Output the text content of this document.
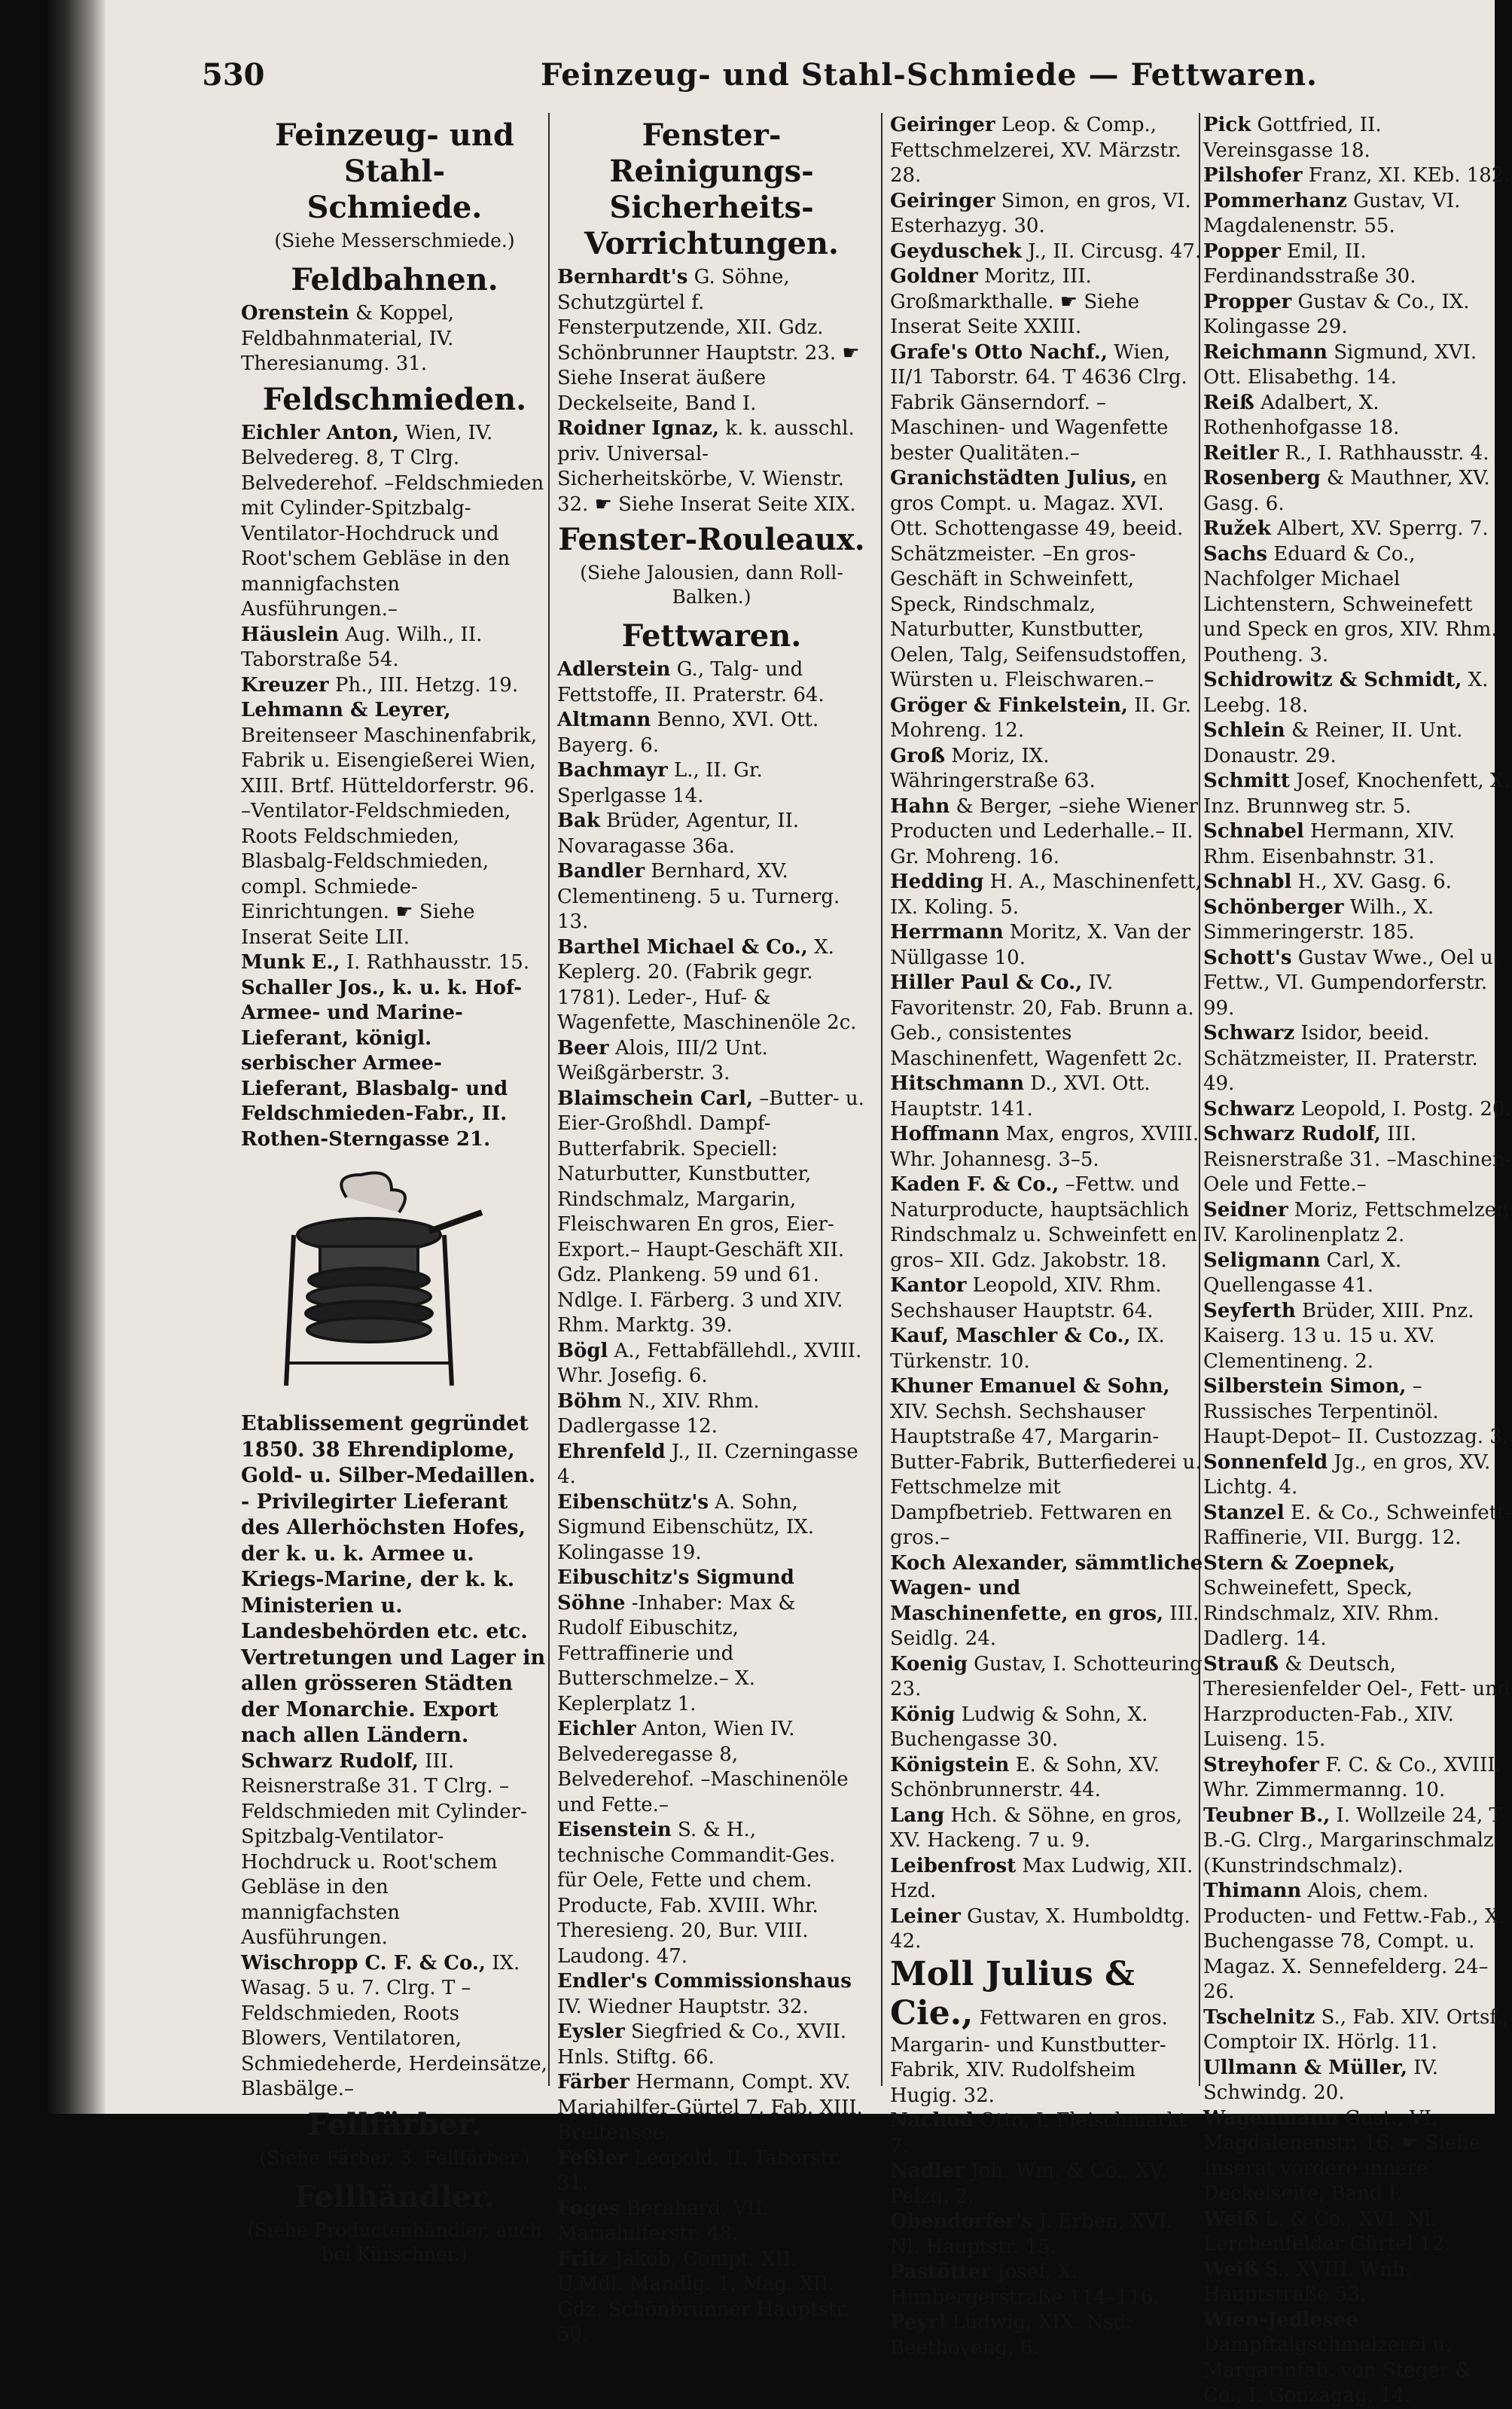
530	Feinzeug- und Stahl-Schmiede — Fettwaren.
Feinzeug- und Stahl-
Schmiede.
(Siehe Messerschmiede.)
Feldbahnen.

Orenstein & Koppel, Feldbahnmaterial, IV. Theresianumg. 31.

Feldschmieden.

Eichler Anton, Wien, IV. Belvedereg. 8, T Clrg. Belvederehof. –Feldschmieden mit Cylinder-Spitzbalg-Ventilator-Hochdruck und Root'schem Gebläse in den mannigfachsten Ausführungen.–

Häuslein Aug. Wilh., II. Taborstraße 54.

Kreuzer Ph., III. Hetzg. 19.

Lehmann & Leyrer, Breitenseer Maschinenfabrik, Fabrik u. Eisengießerei Wien, XIII. Brtf. Hütteldorferstr. 96. –Ventilator-Feldschmieden, Roots Feldschmieden, Blasbalg-Feldschmieden, compl. Schmiede-Einrichtungen. ☛ Siehe Inserat Seite LII.

Munk E., I. Rathhausstr. 15.

Schaller Jos., k. u. k. Hof-Armee- und Marine-Lieferant, königl. serbischer Armee-Lieferant, Blasbalg- und Feldschmieden-Fabr., II. Rothen-Sterngasse 21.

Etablissement gegründet 1850. 38 Ehrendiplome, Gold- u. Silber-Medaillen. - Privilegirter Lieferant des Allerhöchsten Hofes, der k. u. k. Armee u. Kriegs-Marine, der k. k. Ministerien u. Landesbehörden etc. etc. Vertretungen und Lager in allen grösseren Städten der Monarchie. Export nach allen Ländern.

Schwarz Rudolf, III. Reisnerstraße 31. T Clrg. –Feldschmieden mit Cylinder-Spitzbalg-Ventilator-Hochdruck u. Root'schem Gebläse in den mannigfachsten Ausführungen.

Wischropp C. F. & Co., IX. Wasag. 5 u. 7. Clrg. T –Feldschmieden, Roots Blowers, Ventilatoren, Schmiedeherde, Herdeinsätze, Blasbälge.–

Fellfärber.
(Siehe Färber, 3. Fellfärber.)
Fellhändler.
(Siehe Productenhändler, auch bei Kürschner.)
Fenster-Reinigungs-
Sicherheits-
Vorrichtungen.

Bernhardt's G. Söhne, Schutzgürtel f. Fensterputzende, XII. Gdz. Schönbrunner Hauptstr. 23. ☛ Siehe Inserat äußere Deckelseite, Band I.

Roidner Ignaz, k. k. ausschl. priv. Universal-Sicherheitskörbe, V. Wienstr. 32. ☛ Siehe Inserat Seite XIX.

Fenster-Rouleaux.
(Siehe Jalousien, dann Roll-Balken.)
Fettwaren.

Adlerstein G., Talg- und Fettstoffe, II. Praterstr. 64.

Altmann Benno, XVI. Ott. Bayerg. 6.

Bachmayr L., II. Gr. Sperlgasse 14.

Bak Brüder, Agentur, II. Novaragasse 36a.

Bandler Bernhard, XV. Clementineng. 5 u. Turnerg. 13.

Barthel Michael & Co., X. Keplerg. 20. (Fabrik gegr. 1781). Leder-, Huf- & Wagenfette, Maschinenöle 2c.

Beer Alois, III/2 Unt. Weißgärberstr. 3.

Blaimschein Carl, –Butter- u. Eier-Großhdl. Dampf-Butterfabrik. Speciell: Naturbutter, Kunstbutter, Rindschmalz, Margarin, Fleischwaren En gros, Eier-Export.– Haupt-Geschäft XII. Gdz. Plankeng. 59 und 61. Ndlge. I. Färberg. 3 und XIV. Rhm. Marktg. 39.

Bögl A., Fettabfällehdl., XVIII. Whr. Josefig. 6.

Böhm N., XIV. Rhm. Dadlergasse 12.

Ehrenfeld J., II. Czerningasse 4.

Eibenschütz's A. Sohn, Sigmund Eibenschütz, IX. Kolingasse 19.

Eibuschitz's Sigmund Söhne -Inhaber: Max & Rudolf Eibuschitz, Fettraffinerie und Butterschmelze.– X. Keplerplatz 1.

Eichler Anton, Wien IV. Belvederegasse 8, Belvederehof. –Maschinenöle und Fette.–

Eisenstein S. & H., technische Commandit-Ges. für Oele, Fette und chem. Producte, Fab. XVIII. Whr. Theresieng. 20, Bur. VIII. Laudong. 47.

Endler's Commissionshaus IV. Wiedner Hauptstr. 32.

Eysler Siegfried & Co., XVII. Hnls. Stiftg. 66.

Färber Hermann, Compt. XV. Mariahilfer-Gürtel 7, Fab. XIII. Breitensee.

Feßler Leopold, II. Taborstr. 31.

Foges Bernhard, VII. Mariahilferstr. 48.

Fritz Jakob, Compt. XII. U.Mdl. Mandlg. 1, Mag. XII. Gdz. Schönbrunner Hauptstr. 50.

Geiringer Leop. & Comp., Fettschmelzerei, XV. Märzstr. 28.

Geiringer Simon, en gros, VI. Esterhazyg. 30.

Geyduschek J., II. Circusg. 47.

Goldner Moritz, III. Großmarkthalle. ☛ Siehe Inserat Seite XXIII.

Grafe's Otto Nachf., Wien, II/1 Taborstr. 64. T 4636 Clrg. Fabrik Gänserndorf. –Maschinen- und Wagenfette bester Qualitäten.–

Granichstädten Julius, en gros Compt. u. Magaz. XVI. Ott. Schottengasse 49, beeid. Schätzmeister. –En gros-Geschäft in Schweinfett, Speck, Rindschmalz, Naturbutter, Kunstbutter, Oelen, Talg, Seifensudstoffen, Würsten u. Fleischwaren.–

Gröger & Finkelstein, II. Gr. Mohreng. 12.

Groß Moriz, IX. Währingerstraße 63.

Hahn & Berger, –siehe Wiener Producten und Lederhalle.– II. Gr. Mohreng. 16.

Hedding H. A., Maschinenfett, IX. Koling. 5.

Herrmann Moritz, X. Van der Nüllgasse 10.

Hiller Paul & Co., IV. Favoritenstr. 20, Fab. Brunn a. Geb., consistentes Maschinenfett, Wagenfett 2c.

Hitschmann D., XVI. Ott. Hauptstr. 141.

Hoffmann Max, engros, XVIII. Whr. Johannesg. 3–5.

Kaden F. & Co., –Fettw. und Naturproducte, hauptsächlich Rindschmalz u. Schweinfett en gros– XII. Gdz. Jakobstr. 18.

Kantor Leopold, XIV. Rhm. Sechshauser Hauptstr. 64.

Kauf, Maschler & Co., IX. Türkenstr. 10.

Khuner Emanuel & Sohn, XIV. Sechsh. Sechshauser Hauptstraße 47, Margarin-Butter-Fabrik, Butterfiederei u. Fettschmelze mit Dampfbetrieb. Fettwaren en gros.–

Koch Alexander, sämmtliche Wagen- und Maschinenfette, en gros, III. Seidlg. 24.

Koenig Gustav, I. Schotteuring 23.

König Ludwig & Sohn, X. Buchengasse 30.

Königstein E. & Sohn, XV. Schönbrunnerstr. 44.

Lang Hch. & Söhne, en gros, XV. Hackeng. 7 u. 9.

Leibenfrost Max Ludwig, XII. Hzd.

Leiner Gustav, X. Humboldtg. 42.

Moll Julius & Cie., Fettwaren en gros. Margarin- und Kunstbutter-Fabrik, XIV. Rudolfsheim Hugig. 32.

Nachod Otto, I. Fleischmarkt 7.

Nadler Joh. Wm. & Co., XV. Pelzg. 2.

Obendorfer's J. Erben, XVI. Nl. Hauptstr. 15.

Pastötter Josef, X. Himbergerstraße 114–116.

Peyrl Ludwig, XIX. Nsd. Beethoveng. 6.

Pick Gottfried, II. Vereinsgasse 18.

Pilshofer Franz, XI. KEb. 182.

Pommerhanz Gustav, VI. Magdalenenstr. 55.

Popper Emil, II. Ferdinandsstraße 30.

Propper Gustav & Co., IX. Kolingasse 29.

Reichmann Sigmund, XVI. Ott. Elisabethg. 14.

Reiß Adalbert, X. Rothenhofgasse 18.

Reitler R., I. Rathhausstr. 4.

Rosenberg & Mauthner, XV. Gasg. 6.

Ružek Albert, XV. Sperrg. 7.

Sachs Eduard & Co., Nachfolger Michael Lichtenstern, Schweinefett und Speck en gros, XIV. Rhm. Poutheng. 3.

Schidrowitz & Schmidt, X. Leebg. 18.

Schlein & Reiner, II. Unt. Donaustr. 29.

Schmitt Josef, Knochenfett, X. Inz. Brunnweg str. 5.

Schnabel Hermann, XIV. Rhm. Eisenbahnstr. 31.

Schnabl H., XV. Gasg. 6.

Schönberger Wilh., X. Simmeringerstr. 185.

Schott's Gustav Wwe., Oel u. Fettw., VI. Gumpendorferstr. 99.

Schwarz Isidor, beeid. Schätzmeister, II. Praterstr. 49.

Schwarz Leopold, I. Postg. 20.

Schwarz Rudolf, III. Reisnerstraße 31. –Maschinen-Oele und Fette.–

Seidner Moriz, Fettschmelzer, IV. Karolinenplatz 2.

Seligmann Carl, X. Quellengasse 41.

Seyferth Brüder, XIII. Pnz. Kaiserg. 13 u. 15 u. XV. Clementineng. 2.

Silberstein Simon, –Russisches Terpentinöl. Haupt-Depot– II. Custozzag. 3.

Sonnenfeld Jg., en gros, XV. Lichtg. 4.

Stanzel E. & Co., Schweinfett-Raffinerie, VII. Burgg. 12.

Stern & Zoepnek, Schweinefett, Speck, Rindschmalz, XIV. Rhm. Dadlerg. 14.

Strauß & Deutsch, Theresienfelder Oel-, Fett- und Harzproducten-Fab., XIV. Luiseng. 15.

Streyhofer F. C. & Co., XVIII. Whr. Zimmermanng. 10.

Teubner B., I. Wollzeile 24, T B.-G. Clrg., Margarinschmalz (Kunstrindschmalz).

Thimann Alois, chem. Producten- und Fettw.-Fab., X. Buchengasse 78, Compt. u. Magaz. X. Sennefelderg. 24–26.

Tschelnitz S., Fab. XIV. Ortsf., Comptoir IX. Hörlg. 11.

Ullmann & Müller, IV. Schwindg. 20.

Wagenmann Gust., VI. Magdalenenstr. 16. ☛ Siehe Inserat vordere innere Deckelseite, Band I.

Weiß L. & Co., XVI. Nl. Lerchenfelder Gürtel 12.

Weiß S., XVIII. Wnh. Hauptstraße 53.

Wien-Jedlesee Dampftalgschmelzerei u. Margarinfab. von Steger & Co., I. Gonzagag. 14.
